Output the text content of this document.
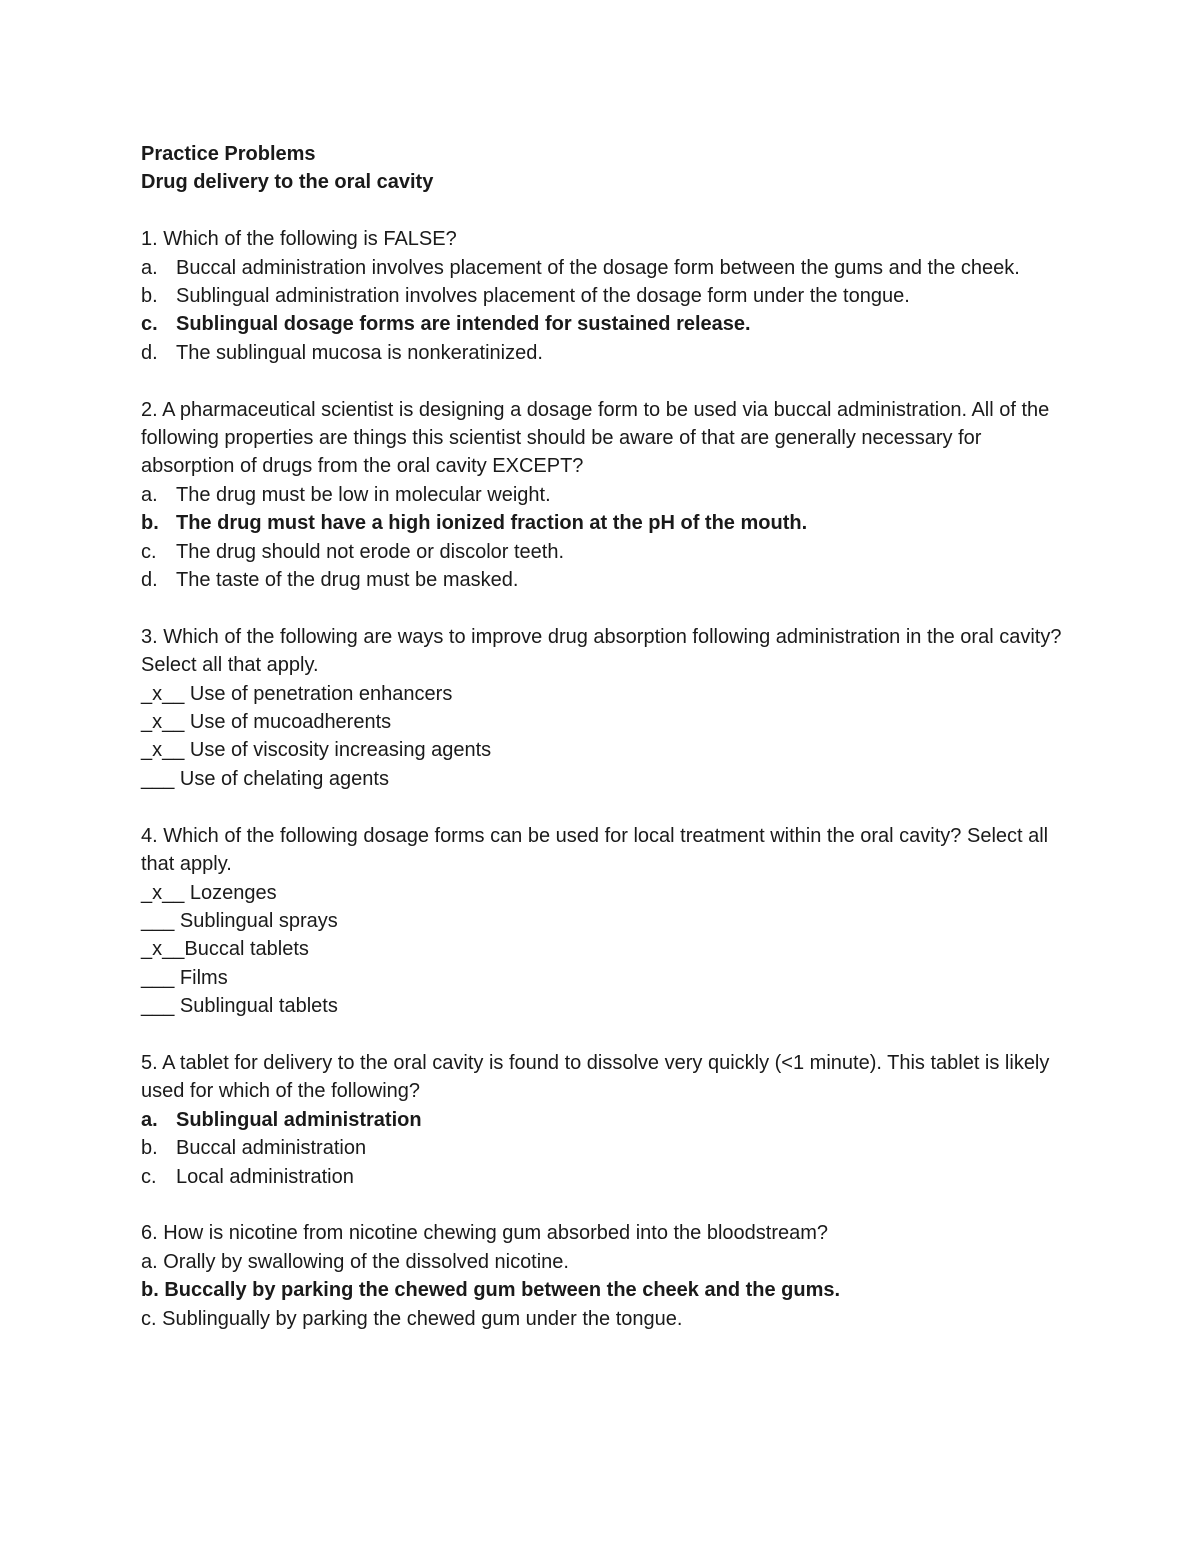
Practice Problems

Drug delivery to the oral cavity

1. Which of the following is FALSE?

a. Buccal administration involves placement of the dosage form between the gums and the cheek.
b. Sublingual administration involves placement of the dosage form under the tongue.
c. Sublingual dosage forms are intended for sustained release.
d. The sublingual mucosa is nonkeratinized.

2. A pharmaceutical scientist is designing a dosage form to be used via buccal administration. All of the following properties are things this scientist should be aware of that are generally necessary for absorption of drugs from the oral cavity EXCEPT?

a. The drug must be low in molecular weight.
b. The drug must have a high ionized fraction at the pH of the mouth.
c. The drug should not erode or discolor teeth.
d. The taste of the drug must be masked.

3. Which of the following are ways to improve drug absorption following administration in the oral cavity? Select all that apply.

_x__ Use of penetration enhancers

_x__ Use of mucoadherents

_x__ Use of viscosity increasing agents

___ Use of chelating agents

4. Which of the following dosage forms can be used for local treatment within the oral cavity? Select all that apply.

_x__ Lozenges

___ Sublingual sprays

_x__Buccal tablets

___ Films

___ Sublingual tablets

5. A tablet for delivery to the oral cavity is found to dissolve very quickly (<1 minute). This tablet is likely used for which of the following?

a. Sublingual administration
b. Buccal administration
c. Local administration

6. How is nicotine from nicotine chewing gum absorbed into the bloodstream?

a. Orally by swallowing of the dissolved nicotine.

b. Buccally by parking the chewed gum between the cheek and the gums.

c. Sublingually by parking the chewed gum under the tongue.
